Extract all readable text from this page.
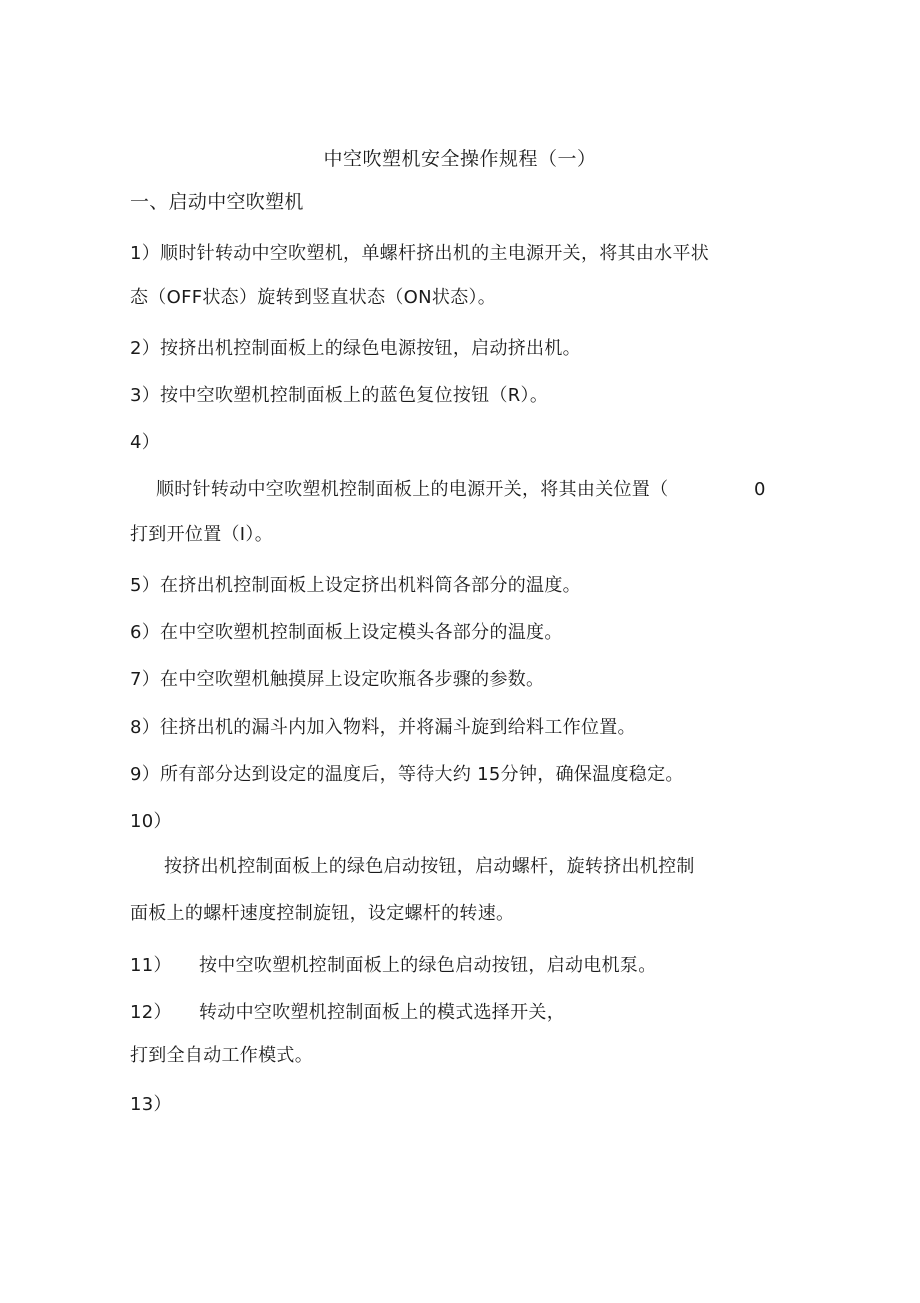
中空吹塑机安全操作规程（一）
一、启动中空吹塑机
1）顺时针转动中空吹塑机，单螺杆挤出机的主电源开关，将其由水平状
态（OFF状态）旋转到竖直状态（ON状态）。
2）按挤出机控制面板上的绿色电源按钮，启动挤出机。
3）按中空吹塑机控制面板上的蓝色复位按钮（R）。
4）
顺时针转动中空吹塑机控制面板上的电源开关，将其由关位置（	0
打到开位置（I）。
5）在挤出机控制面板上设定挤出机料筒各部分的温度。
6）在中空吹塑机控制面板上设定模头各部分的温度。
7）在中空吹塑机触摸屏上设定吹瓶各步骤的参数。
8）往挤出机的漏斗内加入物料，并将漏斗旋到给料工作位置。
9）所有部分达到设定的温度后，等待大约 15分钟，确保温度稳定。
10）
按挤出机控制面板上的绿色启动按钮，启动螺杆，旋转挤出机控制
面板上的螺杆速度控制旋钮，设定螺杆的转速。
11） 按中空吹塑机控制面板上的绿色启动按钮，启动电机泵。
12） 转动中空吹塑机控制面板上的模式选择开关，
打到全自动工作模式。
13）
